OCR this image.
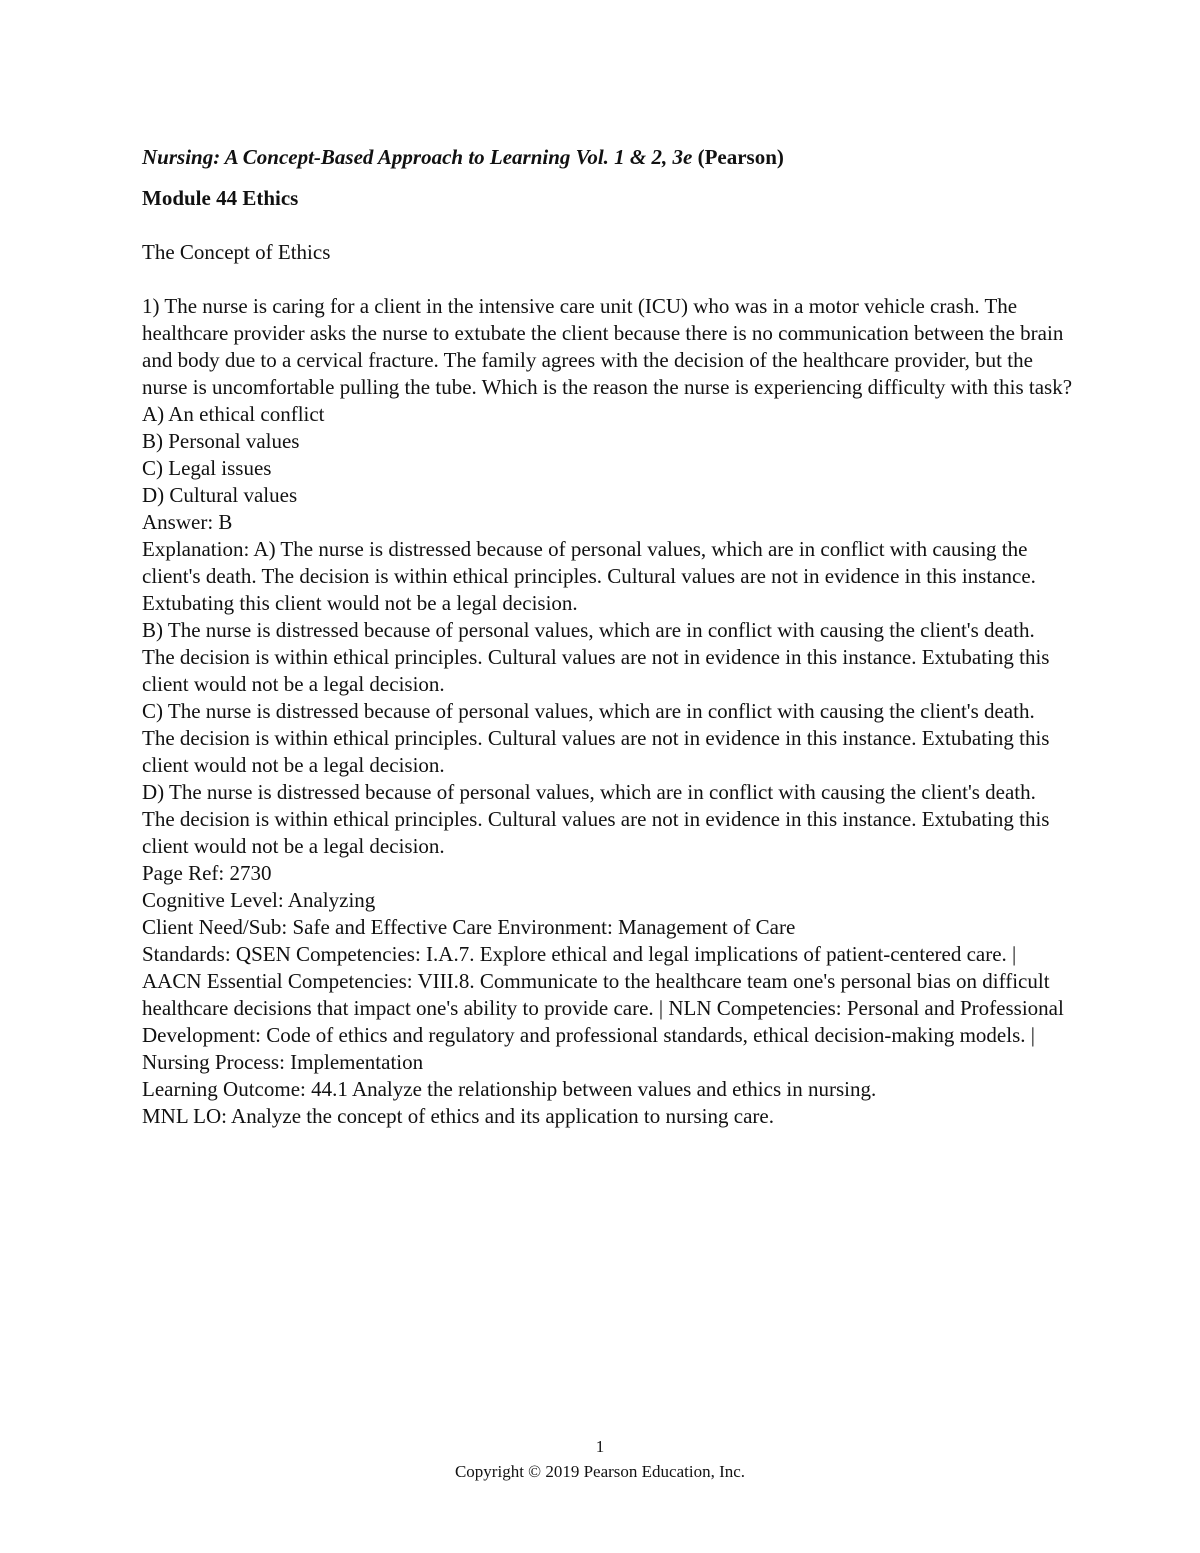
Nursing: A Concept-Based Approach to Learning Vol. 1 & 2, 3e (Pearson)

Module 44 Ethics

The Concept of Ethics

1) The nurse is caring for a client in the intensive care unit (ICU) who was in a motor vehicle crash. The healthcare provider asks the nurse to extubate the client because there is no communication between the brain and body due to a cervical fracture. The family agrees with the decision of the healthcare provider, but the nurse is uncomfortable pulling the tube. Which is the reason the nurse is experiencing difficulty with this task?

A) An ethical conflict

B) Personal values

C) Legal issues

D) Cultural values

Answer: B

Explanation: A) The nurse is distressed because of personal values, which are in conflict with causing the client's death. The decision is within ethical principles. Cultural values are not in evidence in this instance. Extubating this client would not be a legal decision.

B) The nurse is distressed because of personal values, which are in conflict with causing the client's death. The decision is within ethical principles. Cultural values are not in evidence in this instance. Extubating this client would not be a legal decision.

C) The nurse is distressed because of personal values, which are in conflict with causing the client's death. The decision is within ethical principles. Cultural values are not in evidence in this instance. Extubating this client would not be a legal decision.

D) The nurse is distressed because of personal values, which are in conflict with causing the client's death. The decision is within ethical principles. Cultural values are not in evidence in this instance. Extubating this client would not be a legal decision.

Page Ref: 2730

Cognitive Level: Analyzing

Client Need/Sub: Safe and Effective Care Environment: Management of Care

Standards: QSEN Competencies: I.A.7. Explore ethical and legal implications of patient-centered care. | AACN Essential Competencies: VIII.8. Communicate to the healthcare team one's personal bias on difficult healthcare decisions that impact one's ability to provide care. | NLN Competencies: Personal and Professional Development: Code of ethics and regulatory and professional standards, ethical decision-making models. | Nursing Process: Implementation

Learning Outcome: 44.1 Analyze the relationship between values and ethics in nursing.

MNL LO: Analyze the concept of ethics and its application to nursing care.

1
Copyright © 2019 Pearson Education, Inc.
